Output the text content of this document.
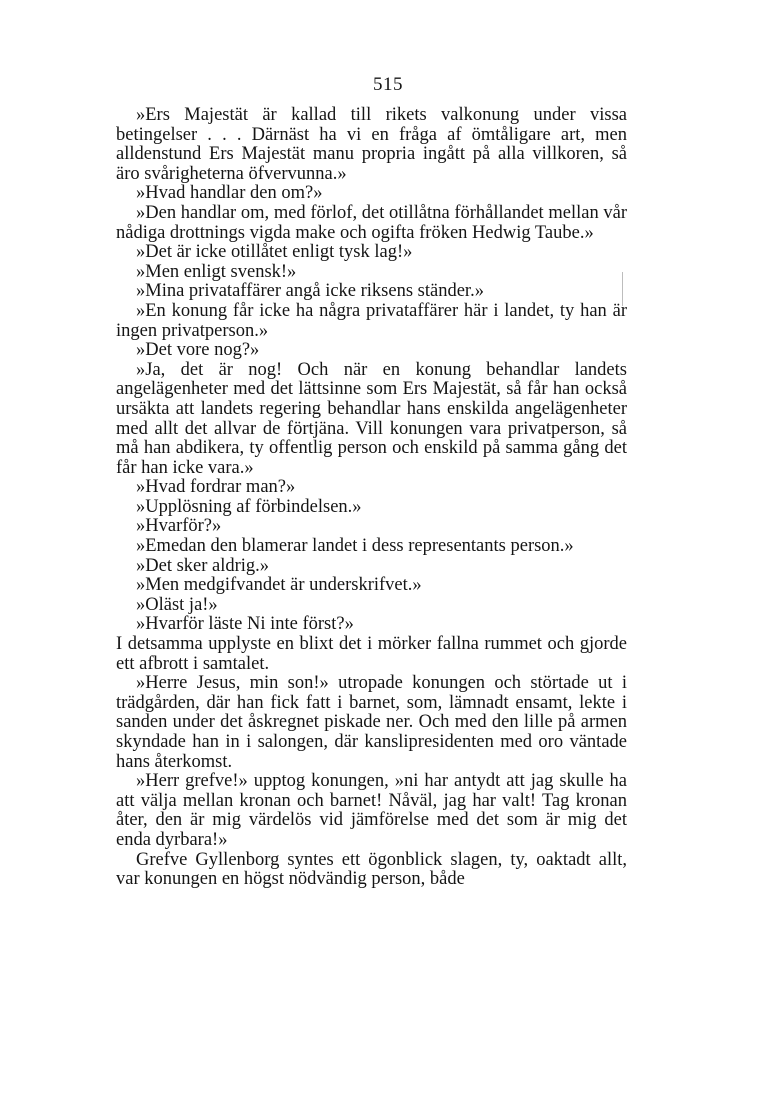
515

»Ers Majestät är kallad till rikets valkonung under vissa betingelser . . . Därnäst ha vi en fråga af ömtåligare art, men alldenstund Ers Majestät manu propria ingått på alla villkoren, så äro svårigheterna öfvervunna.»

»Hvad handlar den om?»

»Den handlar om, med förlof, det otillåtna förhållandet mellan vår nådiga drottnings vigda make och ogifta fröken Hedwig Taube.»

»Det är icke otillåtet enligt tysk lag!»

»Men enligt svensk!»

»Mina privataffärer angå icke riksens ständer.»

»En konung får icke ha några privataffärer här i landet, ty han är ingen privatperson.»

»Det vore nog?»

»Ja, det är nog! Och när en konung behandlar landets angelägenheter med det lättsinne som Ers Majestät, så får han också ursäkta att landets regering behandlar hans enskilda angelägenheter med allt det allvar de förtjäna. Vill konungen vara privatperson, så må han abdikera, ty offentlig person och enskild på samma gång det får han icke vara.»

»Hvad fordrar man?»

»Upplösning af förbindelsen.»

»Hvarför?»

»Emedan den blamerar landet i dess representants person.»

»Det sker aldrig.»

»Men medgifvandet är underskrifvet.»

»Oläst ja!»

»Hvarför läste Ni inte först?»

I detsamma upplyste en blixt det i mörker fallna rummet och gjorde ett afbrott i samtalet.

»Herre Jesus, min son!» utropade konungen och störtade ut i trädgården, där han fick fatt i barnet, som, lämnadt ensamt, lekte i sanden under det åskregnet piskade ner. Och med den lille på armen skyndade han in i salongen, där kanslipresidenten med oro väntade hans återkomst.

»Herr grefve!» upptog konungen, »ni har antydt att jag skulle ha att välja mellan kronan och barnet! Nåväl, jag har valt! Tag kronan åter, den är mig värdelös vid jämförelse med det som är mig det enda dyrbara!»

Grefve Gyllenborg syntes ett ögonblick slagen, ty, oaktadt allt, var konungen en högst nödvändig person, både
